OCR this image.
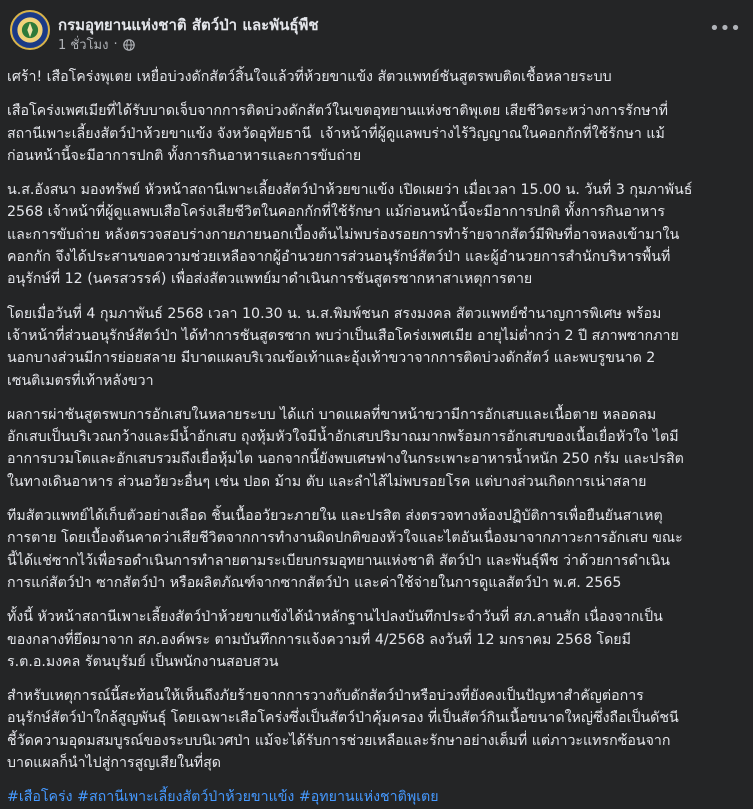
กรมอุทยานแห่งชาติ สัตว์ป่า และพันธุ์พืช
1 ชั่วโมง ·
•••

เศร้า! เสือโคร่งพุเตย เหยื่อบ่วงดักสัตว์สิ้นใจแล้วที่ห้วยขาแข้ง สัตวแพทย์ชันสูตรพบติดเชื้อหลายระบบ

เสือโคร่งเพศเมียที่ได้รับบาดเจ็บจากการติดบ่วงดักสัตว์ในเขตอุทยานแห่งชาติพุเตย เสียชีวิตระหว่างการรักษาที่
สถานีเพาะเลี้ยงสัตว์ป่าห้วยขาแข้ง จังหวัดอุทัยธานี  เจ้าหน้าที่ผู้ดูแลพบร่างไร้วิญญาณในคอกกักที่ใช้รักษา แม้
ก่อนหน้านี้จะมีอาการปกติ ทั้งการกินอาหารและการขับถ่าย

น.ส.อังสนา มองทรัพย์ หัวหน้าสถานีเพาะเลี้ยงสัตว์ป่าห้วยขาแข้ง เปิดเผยว่า เมื่อเวลา 15.00 น. วันที่ 3 กุมภาพันธ์
2568 เจ้าหน้าที่ผู้ดูแลพบเสือโคร่งเสียชีวิตในคอกกักที่ใช้รักษา แม้ก่อนหน้านี้จะมีอาการปกติ ทั้งการกินอาหาร
และการขับถ่าย หลังตรวจสอบร่างกายภายนอกเบื้องต้นไม่พบร่องรอยการทำร้ายจากสัตว์มีพิษที่อาจหลงเข้ามาใน
คอกกัก จึงได้ประสานขอความช่วยเหลือจากผู้อำนวยการส่วนอนุรักษ์สัตว์ป่า และผู้อำนวยการสำนักบริหารพื้นที่
อนุรักษ์ที่ 12 (นครสวรรค์) เพื่อส่งสัตวแพทย์มาดำเนินการชันสูตรซากหาสาเหตุการตาย

โดยเมื่อวันที่ 4 กุมภาพันธ์ 2568 เวลา 10.30 น. น.ส.พิมพ์ชนก สรงมงคล สัตวแพทย์ชำนาญการพิเศษ พร้อม
เจ้าหน้าที่ส่วนอนุรักษ์สัตว์ป่า ได้ทำการชันสูตรซาก พบว่าเป็นเสือโคร่งเพศเมีย อายุไม่ต่ำกว่า 2 ปี สภาพซากภาย
นอกบางส่วนมีการย่อยสลาย มีบาดแผลบริเวณข้อเท้าและอุ้งเท้าขวาจากการติดบ่วงดักสัตว์ และพบรูขนาด 2
เซนติเมตรที่เท้าหลังขวา

ผลการผ่าชันสูตรพบการอักเสบในหลายระบบ ได้แก่ บาดแผลที่ขาหน้าขวามีการอักเสบและเนื้อตาย หลอดลม
อักเสบเป็นบริเวณกว้างและมีน้ำอักเสบ ถุงหุ้มหัวใจมีน้ำอักเสบปริมาณมากพร้อมการอักเสบของเนื้อเยื่อหัวใจ ไตมี
อาการบวมโตและอักเสบรวมถึงเยื่อหุ้มไต นอกจากนี้ยังพบเศษฟางในกระเพาะอาหารน้ำหนัก 250 กรัม และปรสิต
ในทางเดินอาหาร ส่วนอวัยวะอื่นๆ เช่น ปอด ม้าม ตับ และลำไส้ไม่พบรอยโรค แต่บางส่วนเกิดการเน่าสลาย

ทีมสัตวแพทย์ได้เก็บตัวอย่างเลือด ชิ้นเนื้ออวัยวะภายใน และปรสิต ส่งตรวจทางห้องปฏิบัติการเพื่อยืนยันสาเหตุ
การตาย โดยเบื้องต้นคาดว่าเสียชีวิตจากการทำงานผิดปกติของหัวใจและไตอันเนื่องมาจากภาวะการอักเสบ ขณะ
นี้ได้แช่ซากไว้เพื่อรอดำเนินการทำลายตามระเบียบกรมอุทยานแห่งชาติ สัตว์ป่า และพันธุ์พืช ว่าด้วยการดำเนิน
การแก่สัตว์ป่า ซากสัตว์ป่า หรือผลิตภัณฑ์จากซากสัตว์ป่า และค่าใช้จ่ายในการดูแลสัตว์ป่า พ.ศ. 2565

ทั้งนี้ หัวหน้าสถานีเพาะเลี้ยงสัตว์ป่าห้วยขาแข้งได้นำหลักฐานไปลงบันทึกประจำวันที่ สภ.ลานสัก เนื่องจากเป็น
ของกลางที่ยึดมาจาก สภ.องค์พระ ตามบันทึกการแจ้งความที่ 4/2568 ลงวันที่ 12 มกราคม 2568 โดยมี
ร.ต.อ.มงคล รัตนบุรัมย์ เป็นพนักงานสอบสวน

สำหรับเหตุการณ์นี้สะท้อนให้เห็นถึงภัยร้ายจากการวางกับดักสัตว์ป่าหรือบ่วงที่ยังคงเป็นปัญหาสำคัญต่อการ
อนุรักษ์สัตว์ป่าใกล้สูญพันธุ์ โดยเฉพาะเสือโคร่งซึ่งเป็นสัตว์ป่าคุ้มครอง ที่เป็นสัตว์กินเนื้อขนาดใหญ่ซึ่งถือเป็นดัชนี
ชี้วัดความอุดมสมบูรณ์ของระบบนิเวศป่า แม้จะได้รับการช่วยเหลือและรักษาอย่างเต็มที่ แต่ภาวะแทรกซ้อนจาก
บาดแผลก็นำไปสู่การสูญเสียในที่สุด

#เสือโคร่ง #สถานีเพาะเลี้ยงสัตว์ป่าห้วยขาแข้ง #อุทยานแห่งชาติพุเตย
